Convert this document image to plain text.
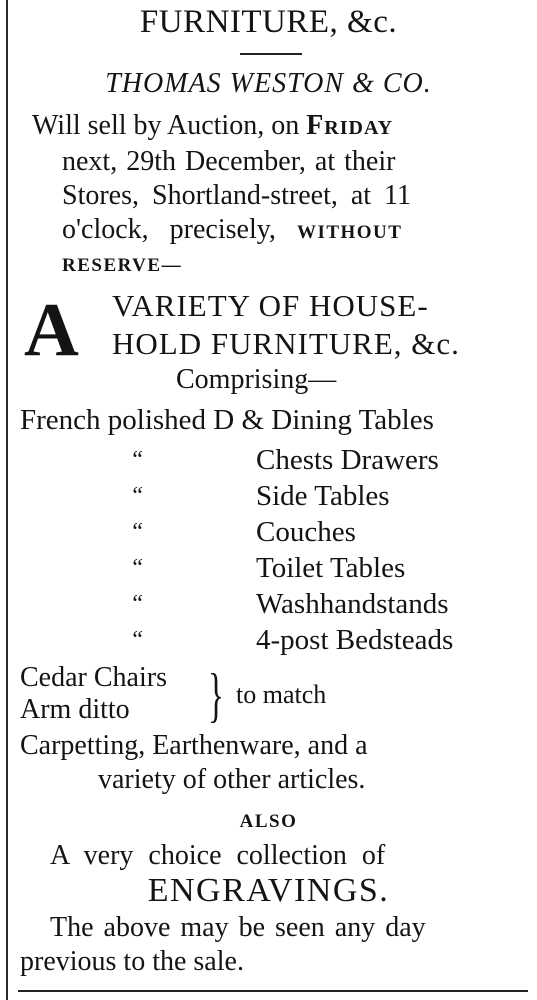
FURNITURE, &c.
THOMAS WESTON & CO.
Will sell by Auction, on Friday
next, 29th December, at their
Stores, Shortland-street, at 11
o'clock, precisely, WITHOUT
RESERVE—
A VARIETY OF HOUSE-
HOLD FURNITURE, &c.
Comprising—
French polished D & Dining Tables
“	Chests Drawers
“	Side Tables
“	Couches
“	Toilet Tables
“	Washhandstands
“	4-post Bedsteads
Cedar Chairs
Arm ditto } to match
Carpetting, Earthenware, and a
variety of other articles.
ALSO
A very choice collection of
ENGRAVINGS.
The above may be seen any day
previous to the sale.
